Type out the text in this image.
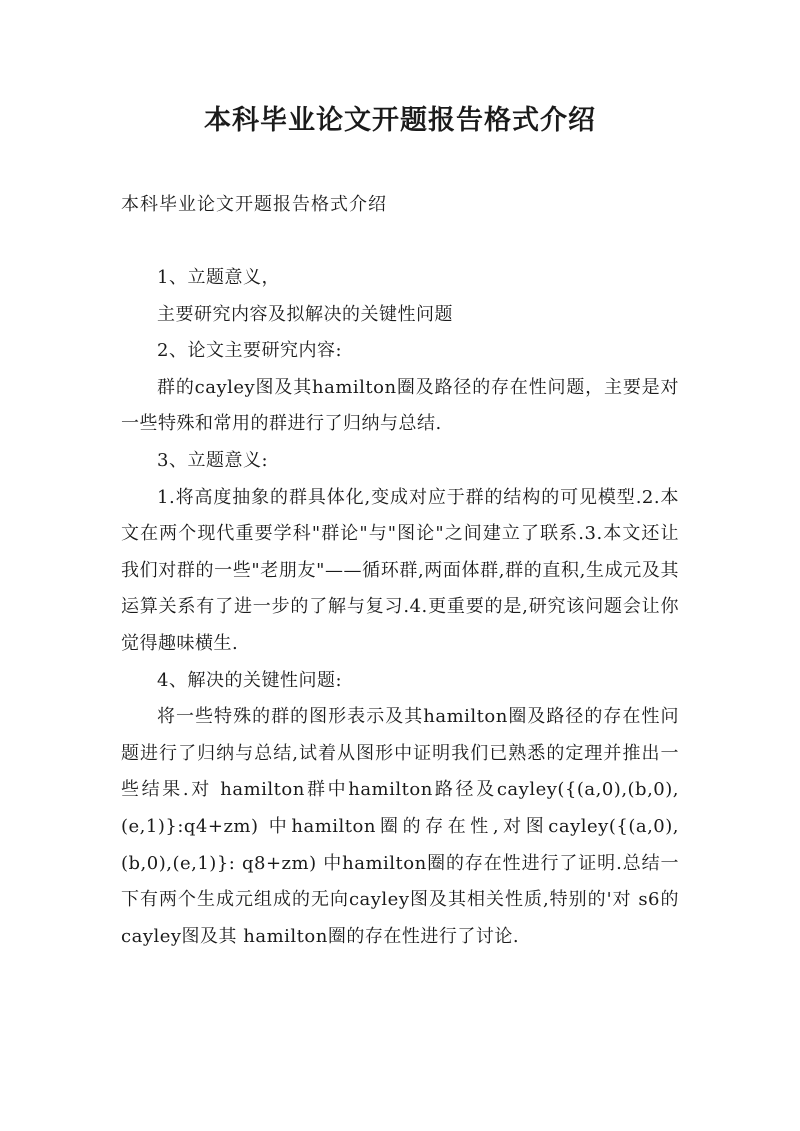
本科毕业论文开题报告格式介绍

本科毕业论文开题报告格式介绍

1、立题意义，

主要研究内容及拟解决的关键性问题

2、论文主要研究内容:

群的cayley图及其hamilton圈及路径的存在性问题，主要是对一些特殊和常用的群进行了归纳与总结.

3、立题意义:

1.将高度抽象的群具体化,变成对应于群的结构的可见模型.2.本文在两个现代重要学科"群论"与"图论"之间建立了联系.3.本文还让我们对群的一些"老朋友"——循环群,两面体群,群的直积,生成元及其运算关系有了进一步的了解与复习.4.更重要的是,研究该问题会让你觉得趣味横生.

4、解决的关键性问题:

将一些特殊的群的图形表示及其hamilton圈及路径的存在性问题进行了归纳与总结,试着从图形中证明我们已熟悉的定理并推出一些结果.对 hamilton群中hamilton路径及cayley({(a,0),(b,0),(e,1)}:q4+zm) 中hamilton圈的存在性,对图cayley({(a,0),(b,0),(e,1)}: q8+zm) 中hamilton圈的存在性进行了证明.总结一下有两个生成元组成的无向cayley图及其相关性质,特别的'对 s6的cayley图及其 hamilton圈的存在性进行了讨论.
